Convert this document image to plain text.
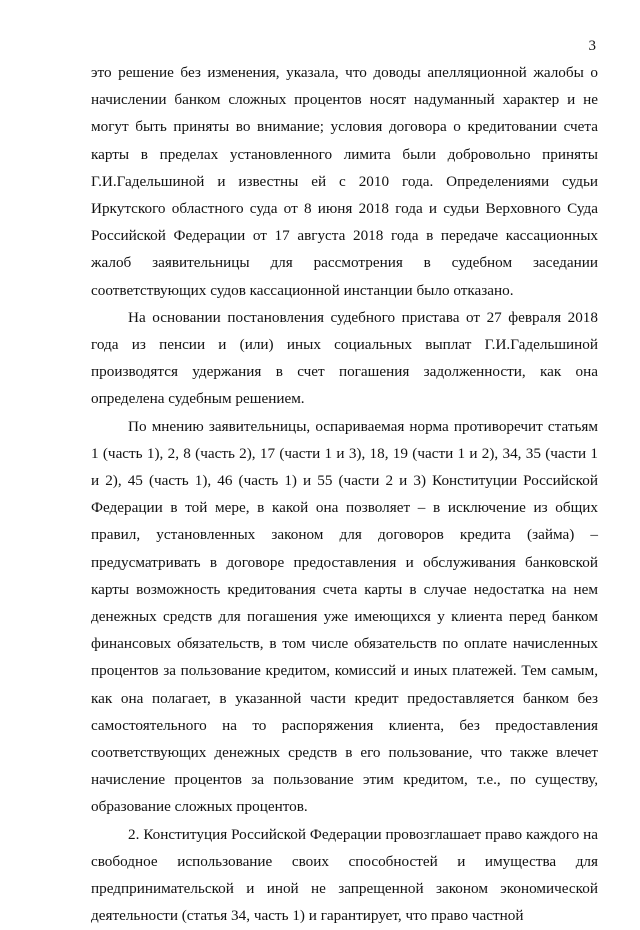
3

это решение без изменения, указала, что доводы апелляционной жалобы о начислении банком сложных процентов носят надуманный характер и не могут быть приняты во внимание; условия договора о кредитовании счета карты в пределах установленного лимита были добровольно приняты Г.И.Гадельшиной и известны ей с 2010 года. Определениями судьи Иркутского областного суда от 8 июня 2018 года и судьи Верховного Суда Российской Федерации от 17 августа 2018 года в передаче кассационных жалоб заявительницы для рассмотрения в судебном заседании соответствующих судов кассационной инстанции было отказано.

На основании постановления судебного пристава от 27 февраля 2018 года из пенсии и (или) иных социальных выплат Г.И.Гадельшиной производятся удержания в счет погашения задолженности, как она определена судебным решением.

По мнению заявительницы, оспариваемая норма противоречит статьям 1 (часть 1), 2, 8 (часть 2), 17 (части 1 и 3), 18, 19 (части 1 и 2), 34, 35 (части 1 и 2), 45 (часть 1), 46 (часть 1) и 55 (части 2 и 3) Конституции Российской Федерации в той мере, в какой она позволяет – в исключение из общих правил, установленных законом для договоров кредита (займа) – предусматривать в договоре предоставления и обслуживания банковской карты возможность кредитования счета карты в случае недостатка на нем денежных средств для погашения уже имеющихся у клиента перед банком финансовых обязательств, в том числе обязательств по оплате начисленных процентов за пользование кредитом, комиссий и иных платежей. Тем самым, как она полагает, в указанной части кредит предоставляется банком без самостоятельного на то распоряжения клиента, без предоставления соответствующих денежных средств в его пользование, что также влечет начисление процентов за пользование этим кредитом, т.е., по существу, образование сложных процентов.

2. Конституция Российской Федерации провозглашает право каждого на свободное использование своих способностей и имущества для предпринимательской и иной не запрещенной законом экономической деятельности (статья 34, часть 1) и гарантирует, что право частной
